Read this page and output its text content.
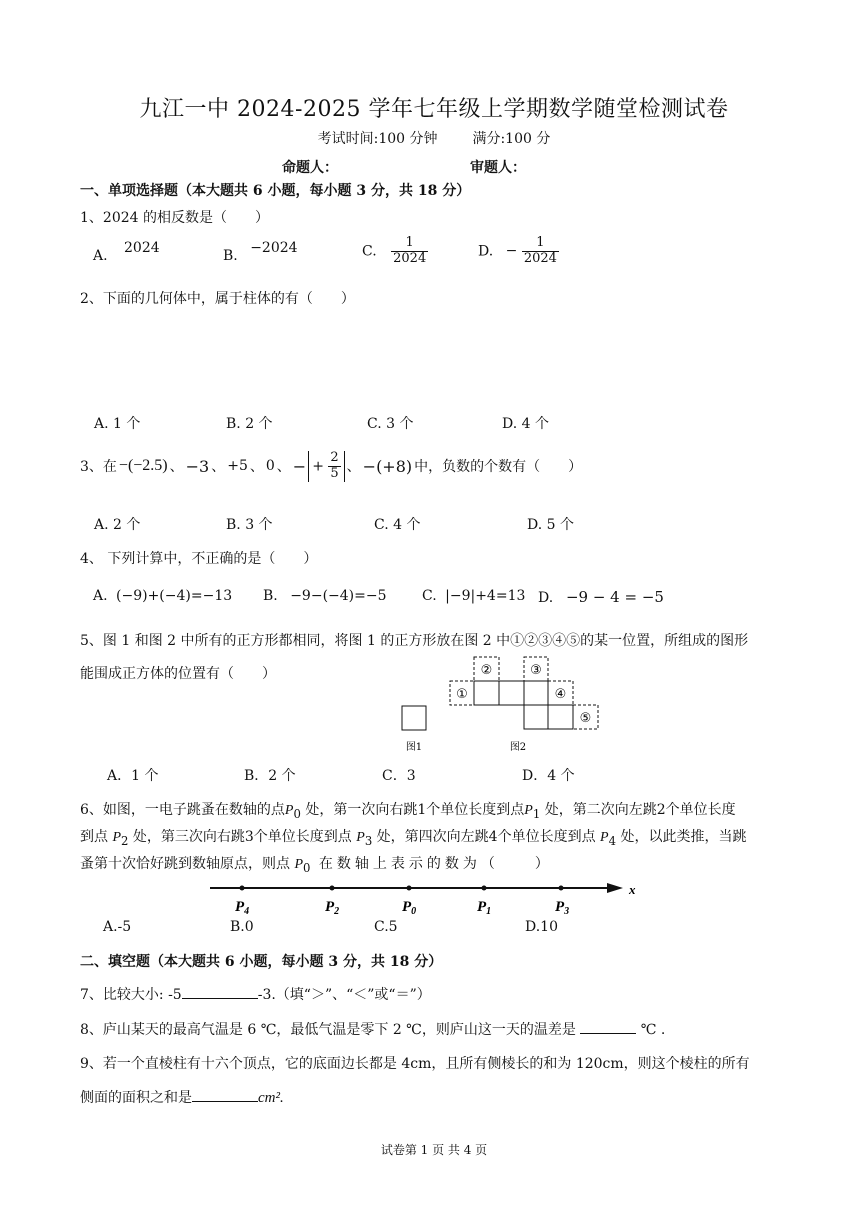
九江一中 2024-2025 学年七年级上学期数学随堂检测试卷
考试时间:100 分钟 满分:100 分
命题人：	审题人：
一、单项选择题（本大题共 6 小题，每小题 3 分，共 18 分）
1、2024 的相反数是（　　）
A. 2024	B. −2024	C. $\frac{1}{2024}$	D. − $\frac{1}{2024}$
2、下面的几何体中，属于柱体的有（　　）
A. 1 个	B. 2 个	C. 3 个	D. 4 个
3、在 −(−2.5) 、 −3 、 +5 、 0 、 − + $\frac{2}{5}$ 、 −(+8) 中，负数的个数有（　　）
A. 2 个	B. 3 个	C. 4 个	D. 5 个
4、 下列计算中，不正确的是（　　）
A. (−9)+(−4)=−13 B. −9−(−4)=−5	C. |−9|+4=13 D. −9 − 4 = −5
5、图 1 和图 2 中所有的正方形都相同，将图 1 的正方形放在图 2 中①②③④⑤的某一位置，所组成的图形
能围成正方体的位置有（　　）
①
②	③
④
⑤
图1	图2
A．1 个	B．2 个	C．3	D．4 个
6、如图，一电子跳蚤在数轴的点$P_0$ 处，第一次向右跳1个单位长度到点$P_1$ 处，第二次向左跳2个单位长度
到点 $P_2$ 处，第三次向右跳3个单位长度到点 $P_3$ 处，第四次向左跳4个单位长度到点 $P_4$ 处，以此类推，当跳
蚤第十次恰好跳到数轴原点，则点 $P_0$ 在数轴上表示的数为（　　）
x
$P_4$	$P_2$	$P_0$	$P_1$	$P_3$
A.-5	B.0	C.5	D.10
二、填空题（本大题共 6 小题，每小题 3 分，共 18 分）
7、比较大小: -5	-3.（填“＞”、“＜”或“＝”）
8、庐山某天的最高气温是 6 ℃，最低气温是零下 2 ℃，则庐山这一天的温差是	℃ .
9、若一个直棱柱有十六个顶点，它的底面边长都是 4cm，且所有侧棱长的和为 120cm，则这个棱柱的所有
侧面的面积之和是	cm².
试卷第 1 页 共 4 页
